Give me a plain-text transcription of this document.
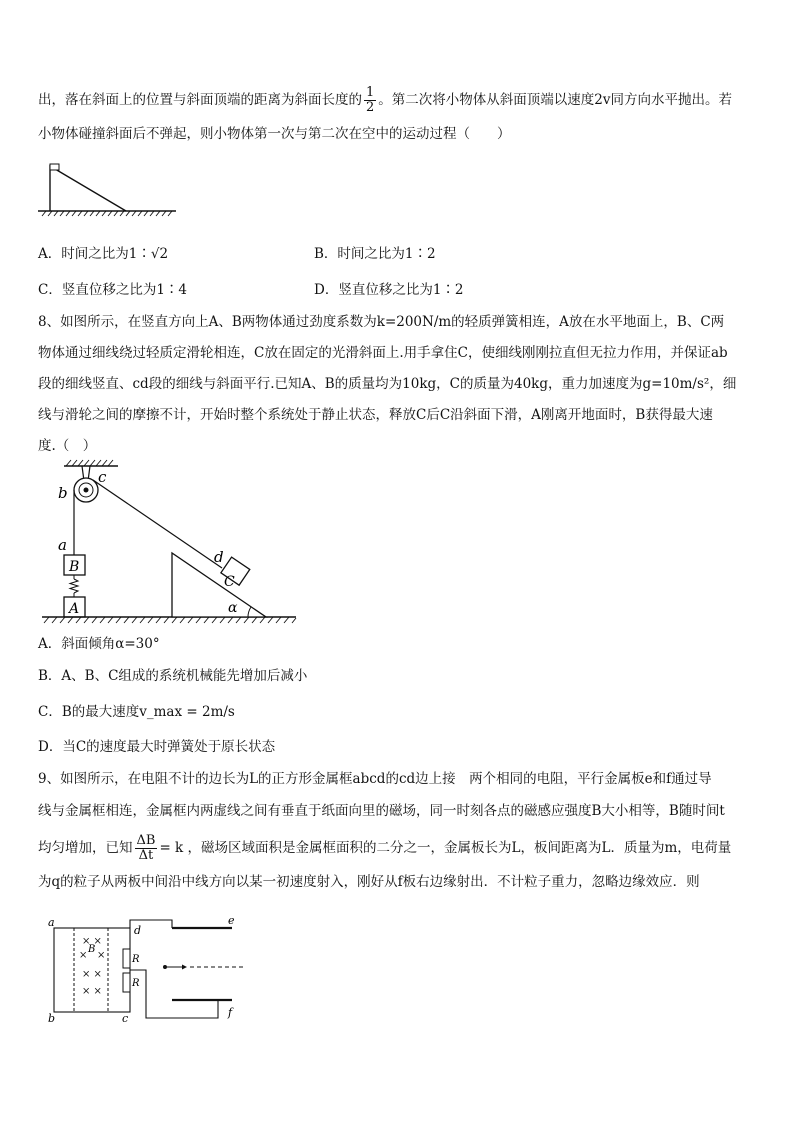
出，落在斜面上的位置与斜面顶端的距离为斜面长度的 $\frac{1}{2}$ 。第二次将小物体从斜面顶端以速度2v同方向水平抛出。若
小物体碰撞斜面后不弹起，则小物体第一次与第二次在空中的运动过程（　　）
A．时间之比为1∶√2	B．时间之比为1∶2
C．竖直位移之比为1∶4	D．竖直位移之比为1∶2
8、如图所示，在竖直方向上A、B两物体通过劲度系数为k=200N/m的轻质弹簧相连，A放在水平地面上，B、C两
物体通过细线绕过轻质定滑轮相连，C放在固定的光滑斜面上.用手拿住C，使细线刚刚拉直但无拉力作用，并保证ab
段的细线竖直、cd段的细线与斜面平行.已知A、B的质量均为10kg，C的质量为40kg，重力加速度为g=10m/s²，细
线与滑轮之间的摩擦不计，开始时整个系统处于静止状态，释放C后C沿斜面下滑，A刚离开地面时，B获得最大速
度.（　）
b
c
a
d
B
A
C
α
A．斜面倾角α=30°
B．A、B、C组成的系统机械能先增加后减小
C．B的最大速度v_max = 2m/s
D．当C的速度最大时弹簧处于原长状态
9、如图所示，在电阻不计的边长为L的正方形金属框abcd的cd边上接　两个相同的电阻，平行金属板e和f通过导
线与金属框相连，金属框内两虚线之间有垂直于纸面向里的磁场，同一时刻各点的磁感应强度B大小相等，B随时间t
均匀增加，已知 $\frac{\Delta B}{\Delta t} = k$ ，磁场区域面积是金属框面积的二分之一，金属板长为L，板间距离为L．质量为m，电荷量
为q的粒子从两板中间沿中线方向以某一初速度射入，刚好从f板右边缘射出．不计粒子重力，忽略边缘效应．则
× ×
× ×
× ×
× ×
a
b	c
d
e
f
B
R
R
